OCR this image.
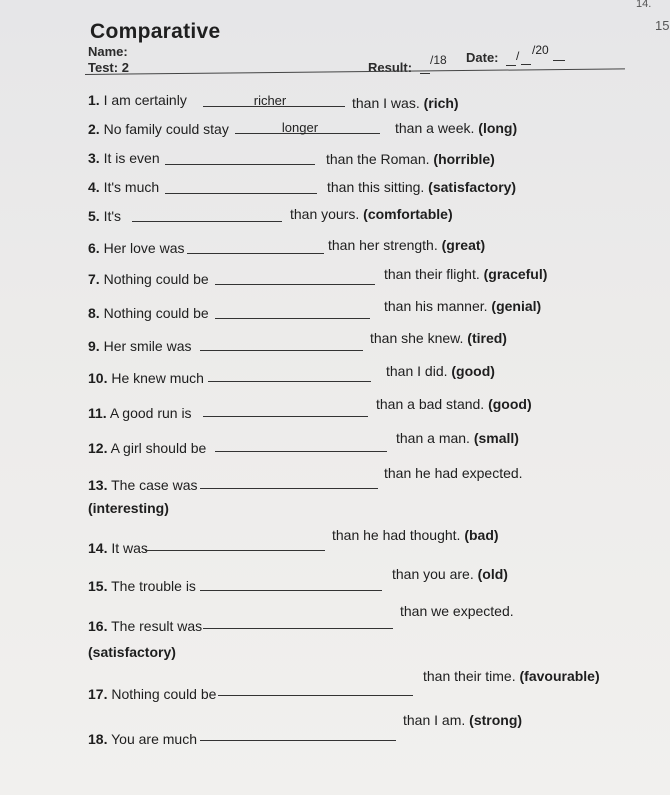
14.
15
Comparative
Name:
Test: 2	Result: /18 Date: / /20
1. I am certainly	richer	than I was. (rich)
2. No family could stay	longer	than a week. (long)
3. It is even	than the Roman. (horrible)
4. It's much	than this sitting. (satisfactory)
5. It's	than yours. (comfortable)
6. Her love was	than her strength. (great)
7. Nothing could be	than their flight. (graceful)
8. Nothing could be	than his manner. (genial)
9. Her smile was	than she knew. (tired)
10. He knew much	than I did. (good)
11. A good run is
than a bad stand. (good)
12. A girl should be
than a man. (small)
13. The case was
than he had expected.
(interesting)
14. It was
than he had thought. (bad)
15. The trouble is
than you are. (old)
16. The result was
than we expected.
(satisfactory)
17. Nothing could be
than their time. (favourable)
18. You are much
than I am. (strong)
